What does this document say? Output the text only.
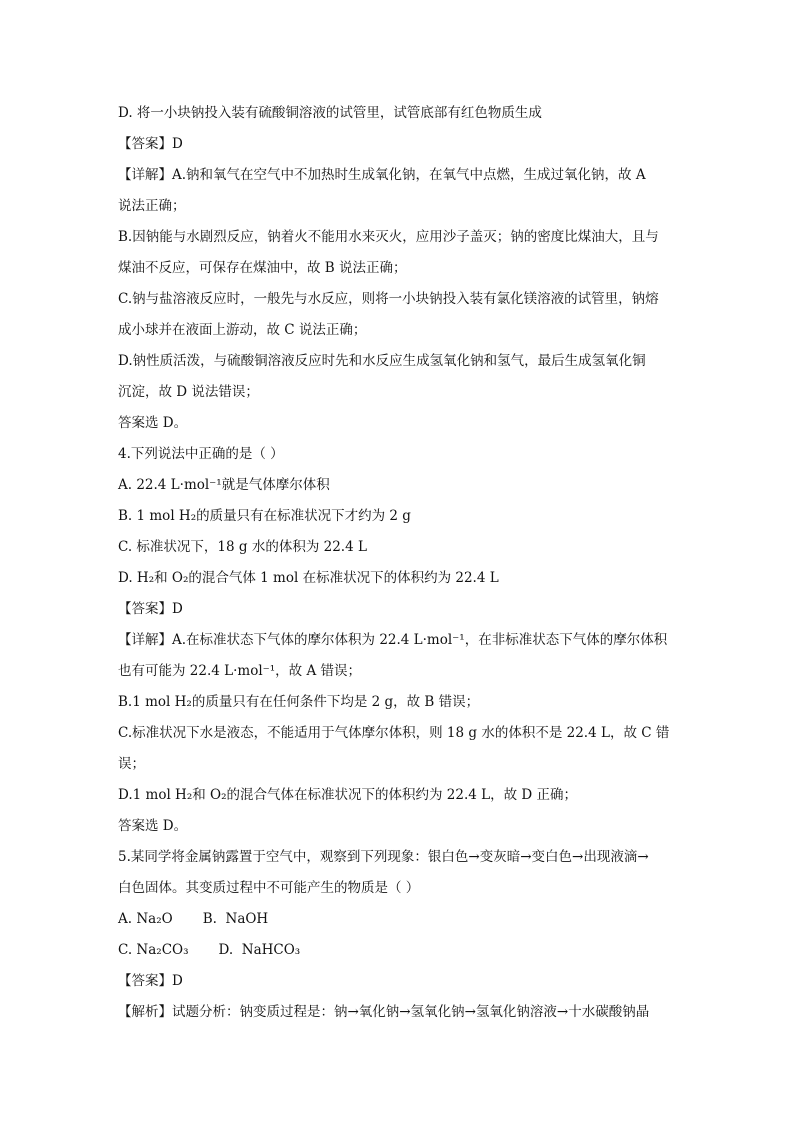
D. 将一小块钠投入装有硫酸铜溶液的试管里，试管底部有红色物质生成
【答案】D
【详解】A.钠和氧气在空气中不加热时生成氧化钠，在氧气中点燃，生成过氧化钠，故 A
说法正确；
B.因钠能与水剧烈反应，钠着火不能用水来灭火，应用沙子盖灭；钠的密度比煤油大，且与
煤油不反应，可保存在煤油中，故 B 说法正确；
C.钠与盐溶液反应时，一般先与水反应，则将一小块钠投入装有氯化镁溶液的试管里，钠熔
成小球并在液面上游动，故 C 说法正确；
D.钠性质活泼，与硫酸铜溶液反应时先和水反应生成氢氧化钠和氢气，最后生成氢氧化铜
沉淀，故 D 说法错误；
答案选 D。
4.下列说法中正确的是（ ）
A. 22.4 L·mol⁻¹就是气体摩尔体积
B. 1 mol H₂的质量只有在标准状况下才约为 2 g
C. 标准状况下，18 g 水的体积为 22.4 L
D. H₂和 O₂的混合气体 1 mol 在标准状况下的体积约为 22.4 L
【答案】D
【详解】A.在标准状态下气体的摩尔体积为 22.4 L·mol⁻¹，在非标准状态下气体的摩尔体积
也有可能为 22.4 L·mol⁻¹，故 A 错误；
B.1 mol H₂的质量只有在任何条件下均是 2 g，故 B 错误；
C.标准状况下水是液态，不能适用于气体摩尔体积，则 18 g 水的体积不是 22.4 L，故 C 错
误；
D.1 mol H₂和 O₂的混合气体在标准状况下的体积约为 22.4 L，故 D 正确；
答案选 D。
5.某同学将金属钠露置于空气中，观察到下列现象：银白色→变灰暗→变白色→出现液滴→
白色固体。其变质过程中不可能产生的物质是（ ）
A. Na₂O       B.  NaOH
C. Na₂CO₃       D.  NaHCO₃
【答案】D
【解析】试题分析：钠变质过程是：钠→氧化钠→氢氧化钠→氢氧化钠溶液→十水碳酸钠晶
